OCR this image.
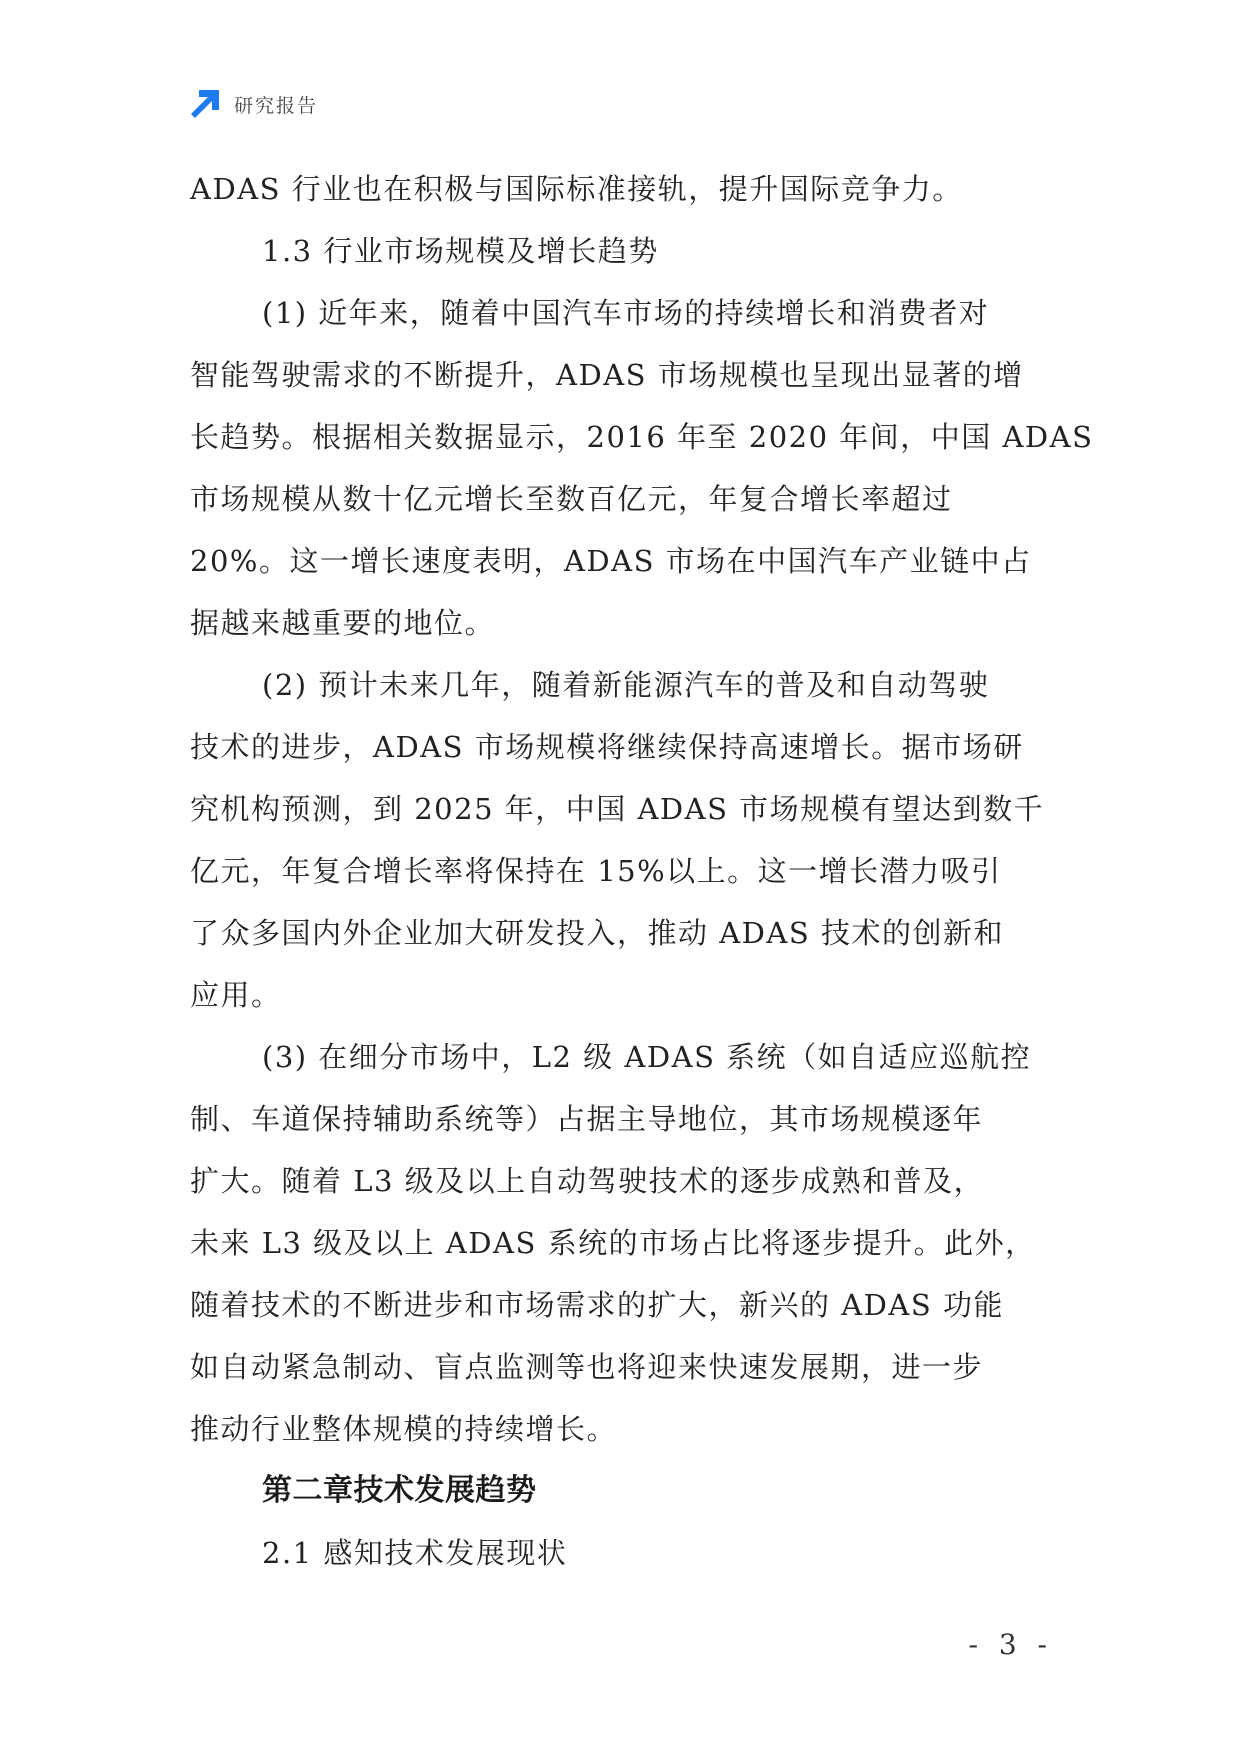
研究报告
ADAS 行业也在积极与国际标准接轨，提升国际竞争力。
1.3 行业市场规模及增长趋势
(1) 近年来，随着中国汽车市场的持续增长和消费者对
智能驾驶需求的不断提升，ADAS 市场规模也呈现出显著的增
长趋势。根据相关数据显示，2016 年至 2020 年间，中国 ADAS
市场规模从数十亿元增长至数百亿元，年复合增长率超过
20%。这一增长速度表明，ADAS 市场在中国汽车产业链中占
据越来越重要的地位。
(2) 预计未来几年，随着新能源汽车的普及和自动驾驶
技术的进步，ADAS 市场规模将继续保持高速增长。据市场研
究机构预测，到 2025 年，中国 ADAS 市场规模有望达到数千
亿元，年复合增长率将保持在 15%以上。这一增长潜力吸引
了众多国内外企业加大研发投入，推动 ADAS 技术的创新和
应用。
(3) 在细分市场中，L2 级 ADAS 系统（如自适应巡航控
制、车道保持辅助系统等）占据主导地位，其市场规模逐年
扩大。随着 L3 级及以上自动驾驶技术的逐步成熟和普及，
未来 L3 级及以上 ADAS 系统的市场占比将逐步提升。此外，
随着技术的不断进步和市场需求的扩大，新兴的 ADAS 功能
如自动紧急制动、盲点监测等也将迎来快速发展期，进一步
推动行业整体规模的持续增长。
第二章技术发展趋势
2.1 感知技术发展现状
- 3 -
